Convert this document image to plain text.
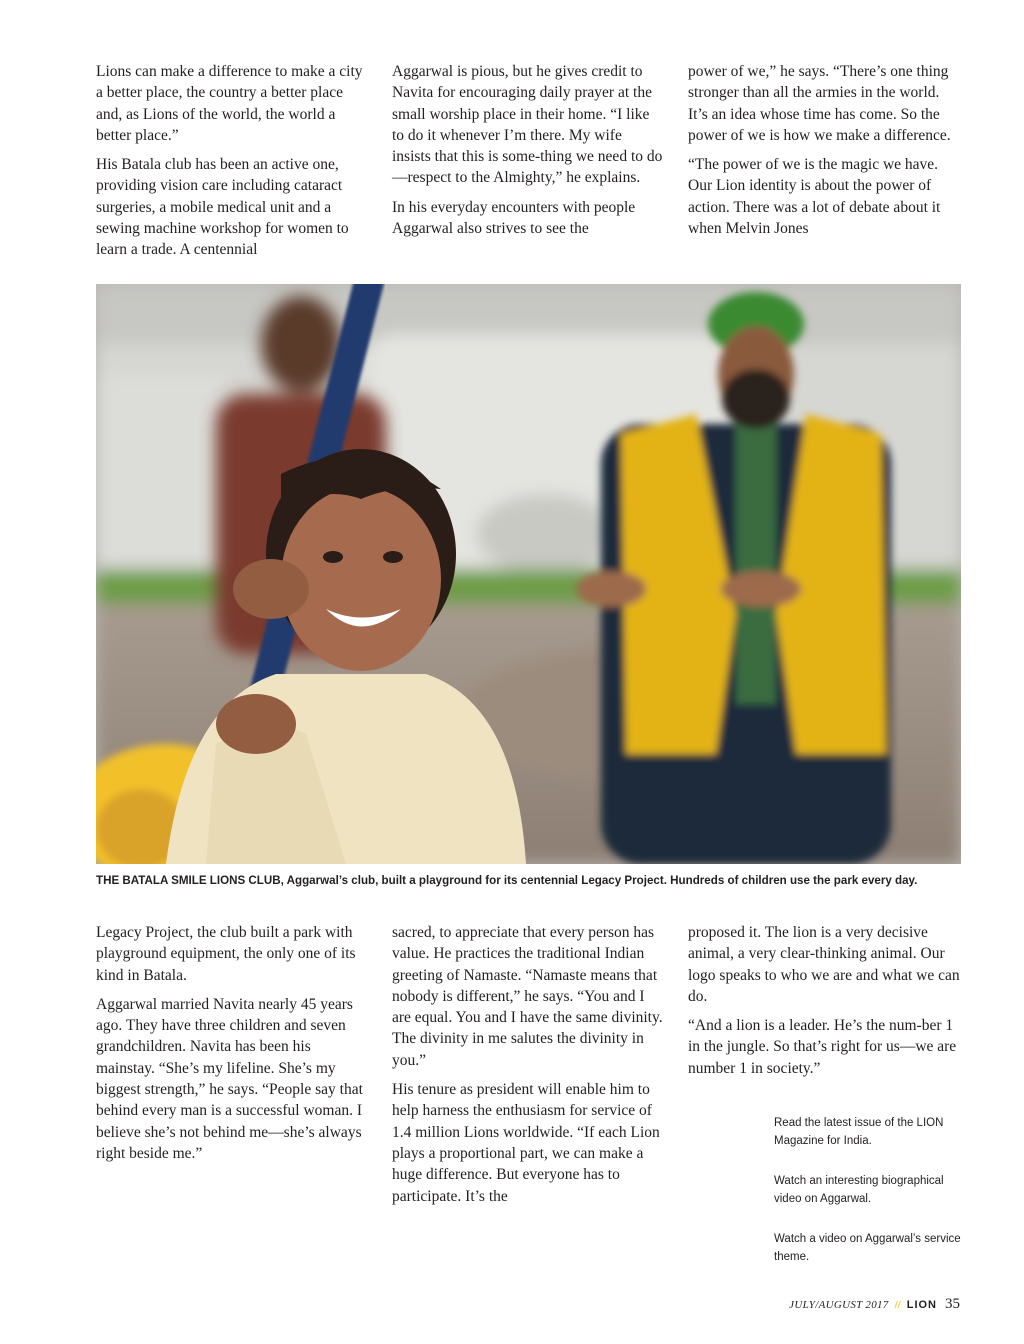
Lions can make a difference to make a city a better place, the country a better place and, as Lions of the world, the world a better place.”

His Batala club has been an active one, providing vision care including cataract surgeries, a mobile medical unit and a sewing machine workshop for women to learn a trade. A centennial

Aggarwal is pious, but he gives credit to Navita for encouraging daily prayer at the small worship place in their home. “I like to do it whenever I’m there. My wife insists that this is some-thing we need to do—respect to the Almighty,” he explains.

In his everyday encounters with people Aggarwal also strives to see the

power of we,” he says. “There’s one thing stronger than all the armies in the world. It’s an idea whose time has come. So the power of we is how we make a difference.

“The power of we is the magic we have. Our Lion identity is about the power of action. There was a lot of debate about it when Melvin Jones

THE BATALA SMILE LIONS CLUB, Aggarwal’s club, built a playground for its centennial Legacy Project. Hundreds of children use the park every day.

Legacy Project, the club built a park with playground equipment, the only one of its kind in Batala.

Aggarwal married Navita nearly 45 years ago. They have three children and seven grandchildren. Navita has been his mainstay. “She’s my lifeline. She’s my biggest strength,” he says. “People say that behind every man is a successful woman. I believe she’s not behind me—she’s always right beside me.”

sacred, to appreciate that every person has value. He practices the traditional Indian greeting of Namaste. “Namaste means that nobody is different,” he says. “You and I are equal. You and I have the same divinity. The divinity in me salutes the divinity in you.”

His tenure as president will enable him to help harness the enthusiasm for service of 1.4 million Lions worldwide. “If each Lion plays a proportional part, we can make a huge difference. But everyone has to participate. It’s the

proposed it. The lion is a very decisive animal, a very clear-thinking animal. Our logo speaks to who we are and what we can do.

“And a lion is a leader. He’s the num-ber 1 in the jungle. So that’s right for us—we are number 1 in society.”

Read the latest issue of the LION Magazine for India.
Watch an interesting biographical video on Aggarwal.
Watch a video on Aggarwal’s service theme.
JULY/AUGUST 2017 // LION 35
